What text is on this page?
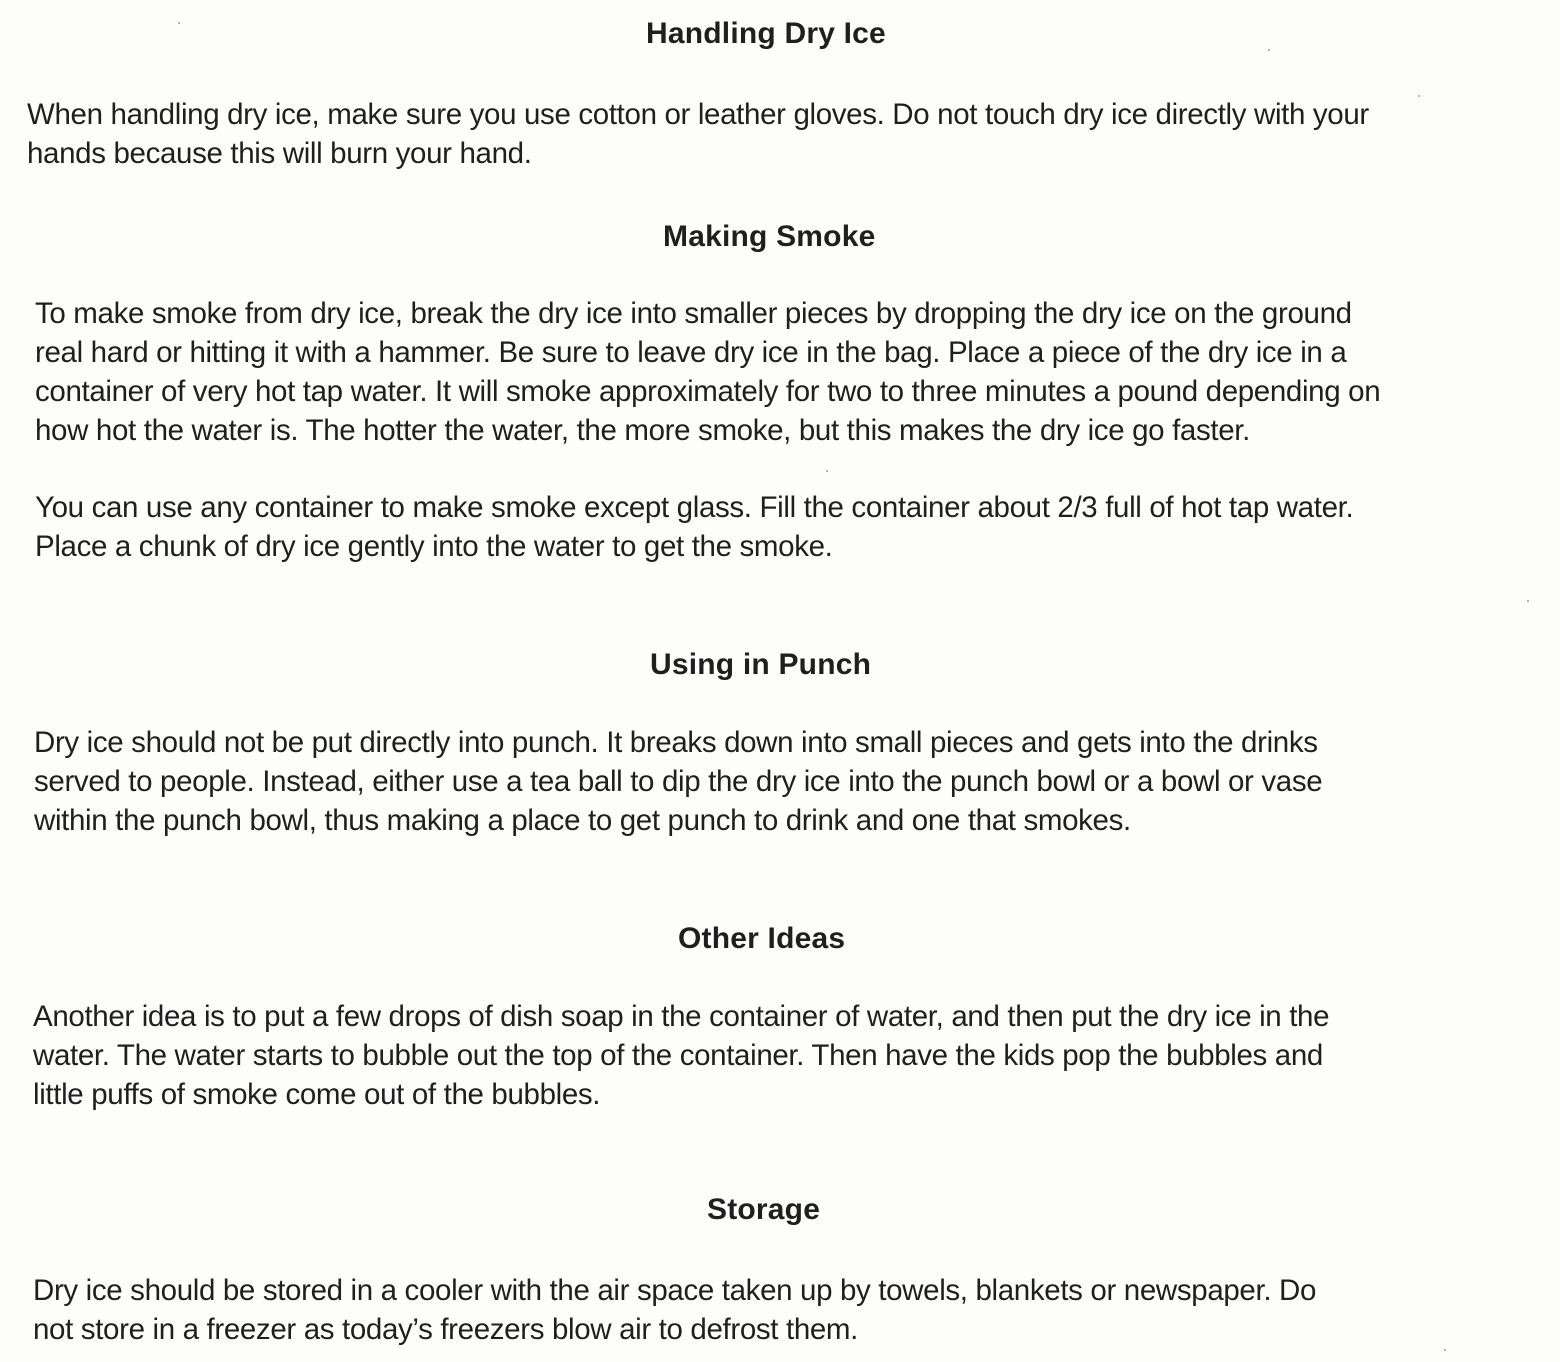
Handling Dry Ice

When handling dry ice, make sure you use cotton or leather gloves. Do not touch dry ice directly with your
hands because this will burn your hand.

Making Smoke

To make smoke from dry ice, break the dry ice into smaller pieces by dropping the dry ice on the ground
real hard or hitting it with a hammer. Be sure to leave dry ice in the bag. Place a piece of the dry ice in a
container of very hot tap water. It will smoke approximately for two to three minutes a pound depending on
how hot the water is. The hotter the water, the more smoke, but this makes the dry ice go faster.

You can use any container to make smoke except glass. Fill the container about 2/3 full of hot tap water.
Place a chunk of dry ice gently into the water to get the smoke.

Using in Punch

Dry ice should not be put directly into punch. It breaks down into small pieces and gets into the drinks
served to people. Instead, either use a tea ball to dip the dry ice into the punch bowl or a bowl or vase
within the punch bowl, thus making a place to get punch to drink and one that smokes.

Other Ideas

Another idea is to put a few drops of dish soap in the container of water, and then put the dry ice in the
water. The water starts to bubble out the top of the container. Then have the kids pop the bubbles and
little puffs of smoke come out of the bubbles.

Storage

Dry ice should be stored in a cooler with the air space taken up by towels, blankets or newspaper. Do
not store in a freezer as today’s freezers blow air to defrost them.
